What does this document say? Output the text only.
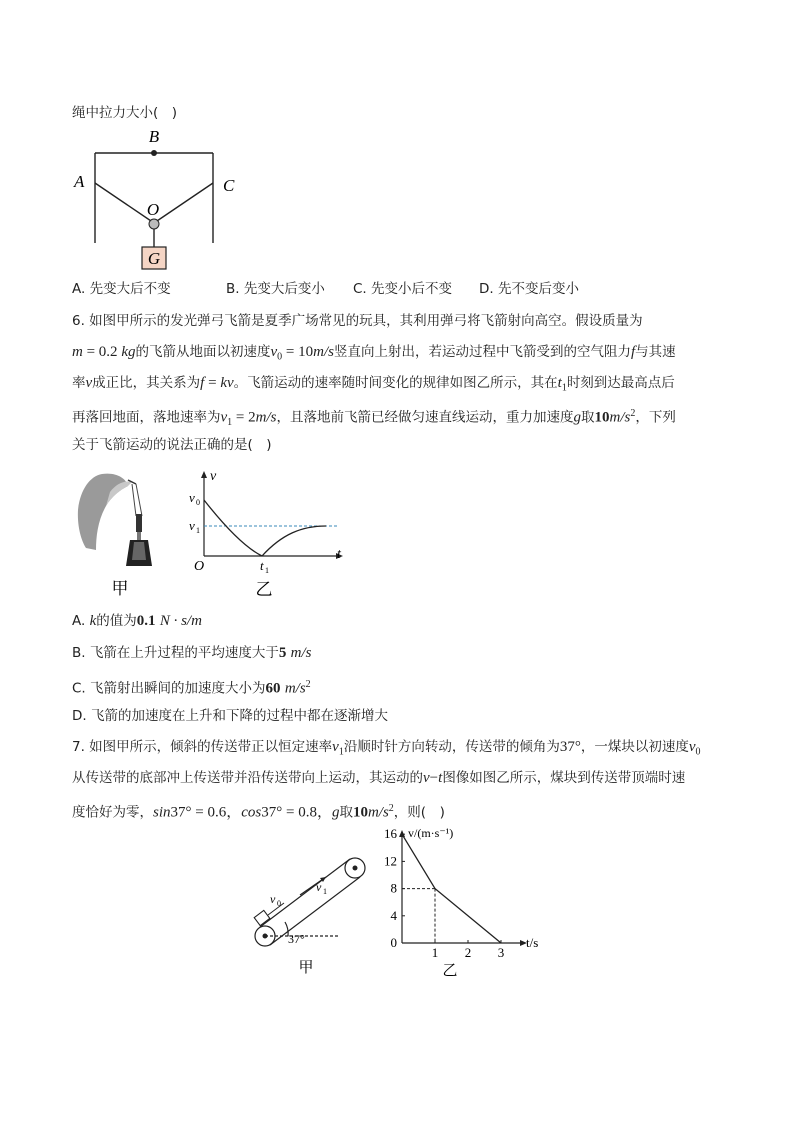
绳中拉力大小(　)
B
A	C
O
G
A. 先变大后不变	B. 先变大后变小 C. 先变小后不变 D. 先不变后变小
6. 如图甲所示的发光弹弓飞箭是夏季广场常见的玩具，其利用弹弓将飞箭射向高空。假设质量为
m = 0.2 kg的飞箭从地面以初速度$v_0 = 10m/s$竖直向上射出，若运动过程中飞箭受到的空气阻力f与其速
率v成正比，其关系为f = kv。飞箭运动的速率随时间变化的规律如图乙所示，其在$t_1$时刻到达最高点后
再落回地面，落地速率为$v_1 = 2m/s$，且落地前飞箭已经做匀速直线运动，重力加速度g取$10m/s^2$，下列
关于飞箭运动的说法正确的是(　)
甲
v
v 0
v 1
O
t
t 1
乙
A. k的值为0.1 N · s/m
B. 飞箭在上升过程的平均速度大于5 m/s
C. 飞箭射出瞬间的加速度大小为60 $m/s^2$
D. 飞箭的加速度在上升和下降的过程中都在逐渐增大
7. 如图甲所示，倾斜的传送带正以恒定速率$v_1$沿顺时针方向转动，传送带的倾角为37°，一煤块以初速度$v_0$
从传送带的底部冲上传送带并沿传送带向上运动，其运动的v−t图像如图乙所示，煤块到传送带顶端时速
度恰好为零，sin37° = 0.6，cos37° = 0.8，g取$10m/s^2$，则(　)
v 0
v 1
37°
甲
v/(m·s⁻¹)
t/s
16
12
8
4
0
1 2 3
乙
